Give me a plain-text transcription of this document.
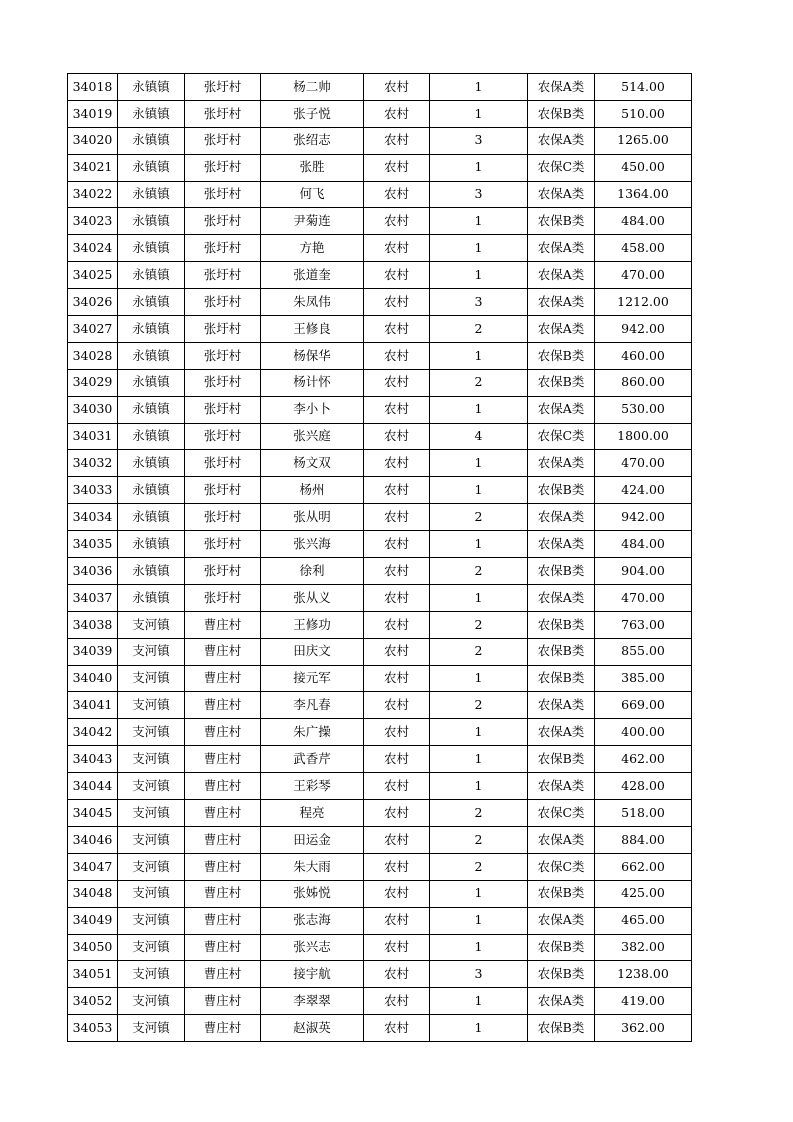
34018	永镇镇	张圩村	杨二帅	农村	1	农保A类	514.00
34019	永镇镇	张圩村	张子悦	农村	1	农保B类	510.00
34020	永镇镇	张圩村	张绍志	农村	3	农保A类	1265.00
34021	永镇镇	张圩村	张胜	农村	1	农保C类	450.00
34022	永镇镇	张圩村	何飞	农村	3	农保A类	1364.00
34023	永镇镇	张圩村	尹菊连	农村	1	农保B类	484.00
34024	永镇镇	张圩村	方艳	农村	1	农保A类	458.00
34025	永镇镇	张圩村	张道奎	农村	1	农保A类	470.00
34026	永镇镇	张圩村	朱凤伟	农村	3	农保A类	1212.00
34027	永镇镇	张圩村	王修良	农村	2	农保A类	942.00
34028	永镇镇	张圩村	杨保华	农村	1	农保B类	460.00
34029	永镇镇	张圩村	杨计怀	农村	2	农保B类	860.00
34030	永镇镇	张圩村	李小卜	农村	1	农保A类	530.00
34031	永镇镇	张圩村	张兴庭	农村	4	农保C类	1800.00
34032	永镇镇	张圩村	杨文双	农村	1	农保A类	470.00
34033	永镇镇	张圩村	杨州	农村	1	农保B类	424.00
34034	永镇镇	张圩村	张从明	农村	2	农保A类	942.00
34035	永镇镇	张圩村	张兴海	农村	1	农保A类	484.00
34036	永镇镇	张圩村	徐利	农村	2	农保B类	904.00
34037	永镇镇	张圩村	张从义	农村	1	农保A类	470.00
34038	支河镇	曹庄村	王修功	农村	2	农保B类	763.00
34039	支河镇	曹庄村	田庆文	农村	2	农保B类	855.00
34040	支河镇	曹庄村	接元军	农村	1	农保B类	385.00
34041	支河镇	曹庄村	李凡春	农村	2	农保A类	669.00
34042	支河镇	曹庄村	朱广操	农村	1	农保A类	400.00
34043	支河镇	曹庄村	武香芹	农村	1	农保B类	462.00
34044	支河镇	曹庄村	王彩琴	农村	1	农保A类	428.00
34045	支河镇	曹庄村	程亮	农村	2	农保C类	518.00
34046	支河镇	曹庄村	田运金	农村	2	农保A类	884.00
34047	支河镇	曹庄村	朱大雨	农村	2	农保C类	662.00
34048	支河镇	曹庄村	张姊悦	农村	1	农保B类	425.00
34049	支河镇	曹庄村	张志海	农村	1	农保A类	465.00
34050	支河镇	曹庄村	张兴志	农村	1	农保B类	382.00
34051	支河镇	曹庄村	接宇航	农村	3	农保B类	1238.00
34052	支河镇	曹庄村	李翠翠	农村	1	农保A类	419.00
34053	支河镇	曹庄村	赵淑英	农村	1	农保B类	362.00
